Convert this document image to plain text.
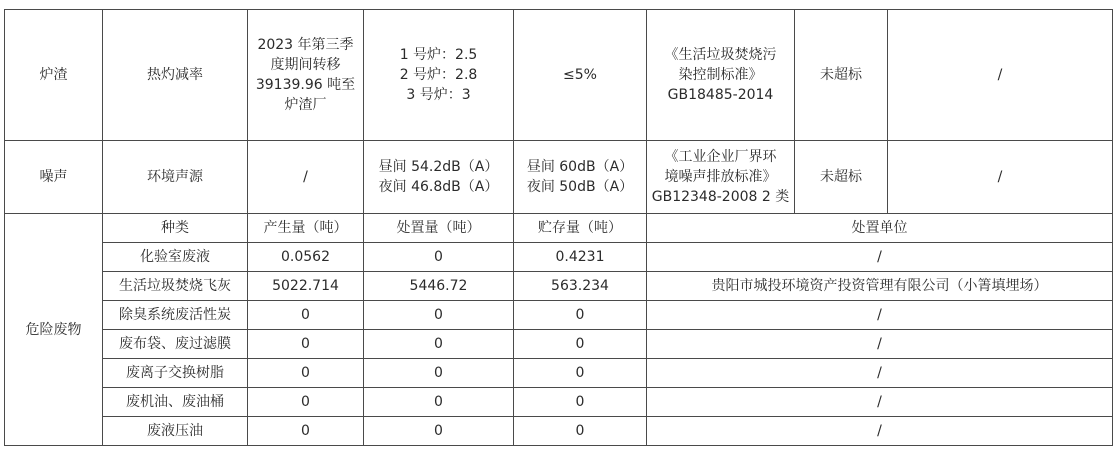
炉渣	热灼减率	2023 年第三季
度期间转移
39139.96 吨至
炉渣厂	1 号炉：2.5
2 号炉：2.8
3 号炉：3	≤5%	《生活垃圾焚烧污
染控制标准》
GB18485-2014	未超标	/
噪声	环境声源	/	昼间 54.2dB（A）
夜间 46.8dB（A）	昼间 60dB（A）
夜间 50dB（A）	《工业企业厂界环
境噪声排放标准》
GB12348-2008 2 类	未超标	/
危险废物	种类	产生量（吨）	处置量（吨）	贮存量（吨）	处置单位		
	化验室废液	0.0562	0	0.4231	/		
	生活垃圾焚烧飞灰	5022.714	5446.72	563.234	贵阳市城投环境资产投资管理有限公司（小箐填埋场）		
	除臭系统废活性炭	0	0	0	/		
	废布袋、废过滤膜	0	0	0	/		
	废离子交换树脂	0	0	0	/		
	废机油、废油桶	0	0	0	/		
	废液压油	0	0	0	/		
